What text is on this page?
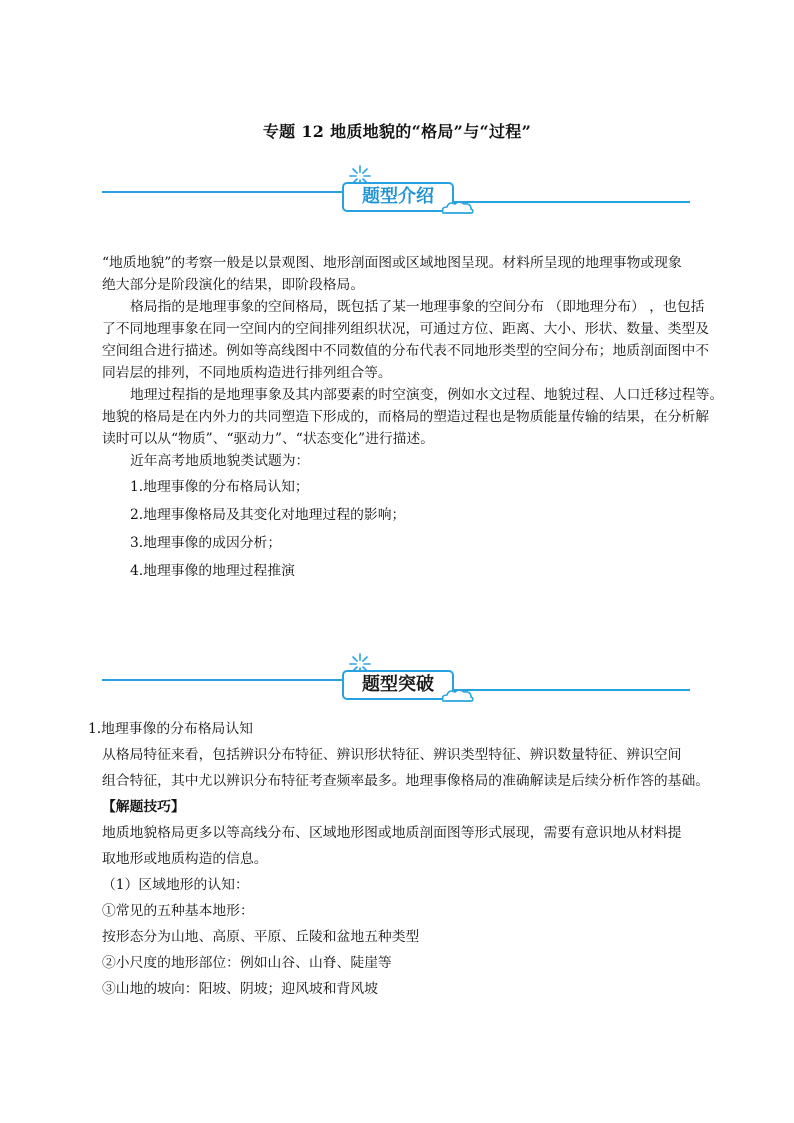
专题 12 地质地貌的“格局”与“过程”
题型介绍
“地质地貌”的考察一般是以景观图、地形剖面图或区域地图呈现。材料所呈现的地理事物或现象
绝大部分是阶段演化的结果，即阶段格局。
格局指的是地理事象的空间格局，既包括了某一地理事象的空间分布 （即地理分布） ，也包括
了不同地理事象在同一空间内的空间排列组织状况，可通过方位、距离、大小、形状、数量、类型及
空间组合进行描述。例如等高线图中不同数值的分布代表不同地形类型的空间分布；地质剖面图中不
同岩层的排列，不同地质构造进行排列组合等。
地理过程指的是地理事象及其内部要素的时空演变，例如水文过程、地貌过程、人口迁移过程等。
地貌的格局是在内外力的共同塑造下形成的，而格局的塑造过程也是物质能量传输的结果，在分析解
读时可以从“物质”、“驱动力”、“状态变化”进行描述。
近年高考地质地貌类试题为：
1.地理事像的分布格局认知；
2.地理事像格局及其变化对地理过程的影响；
3.地理事像的成因分析；
4.地理事像的地理过程推演
题型突破
1.地理事像的分布格局认知
从格局特征来看，包括辨识分布特征、辨识形状特征、辨识类型特征、辨识数量特征、辨识空间
组合特征，其中尤以辨识分布特征考查频率最多。地理事像格局的准确解读是后续分析作答的基础。
【解题技巧】
地质地貌格局更多以等高线分布、区域地形图或地质剖面图等形式展现，需要有意识地从材料提
取地形或地质构造的信息。
（1）区域地形的认知：
①常见的五种基本地形：
按形态分为山地、高原、平原、丘陵和盆地五种类型
②小尺度的地形部位：例如山谷、山脊、陡崖等
③山地的坡向：阳坡、阴坡；迎风坡和背风坡
